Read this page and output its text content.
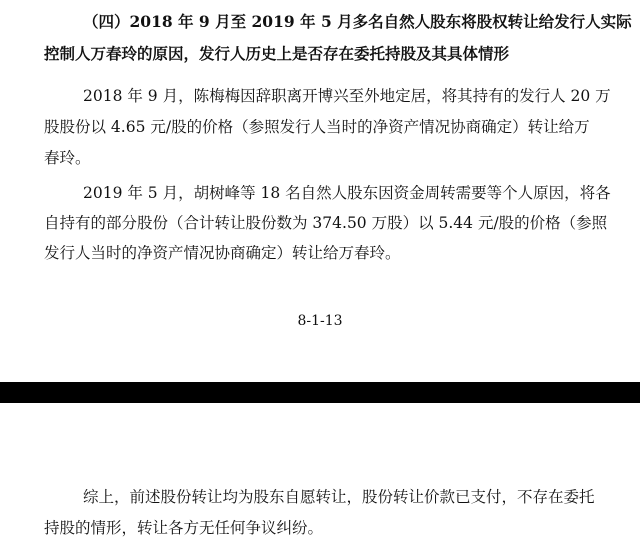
（四）2018 年 9 月至 2019 年 5 月多名自然人股东将股权转让给发行人实际
控制人万春玲的原因，发行人历史上是否存在委托持股及其具体情形
2018 年 9 月，陈梅梅因辞职离开博兴至外地定居，将其持有的发行人 20 万
股股份以 4.65 元/股的价格（参照发行人当时的净资产情况协商确定）转让给万
春玲。
2019 年 5 月，胡树峰等 18 名自然人股东因资金周转需要等个人原因，将各
自持有的部分股份（合计转让股份数为 374.50 万股）以 5.44 元/股的价格（参照
发行人当时的净资产情况协商确定）转让给万春玲。
8-1-13
综上，前述股份转让均为股东自愿转让，股份转让价款已支付，不存在委托
持股的情形，转让各方无任何争议纠纷。
